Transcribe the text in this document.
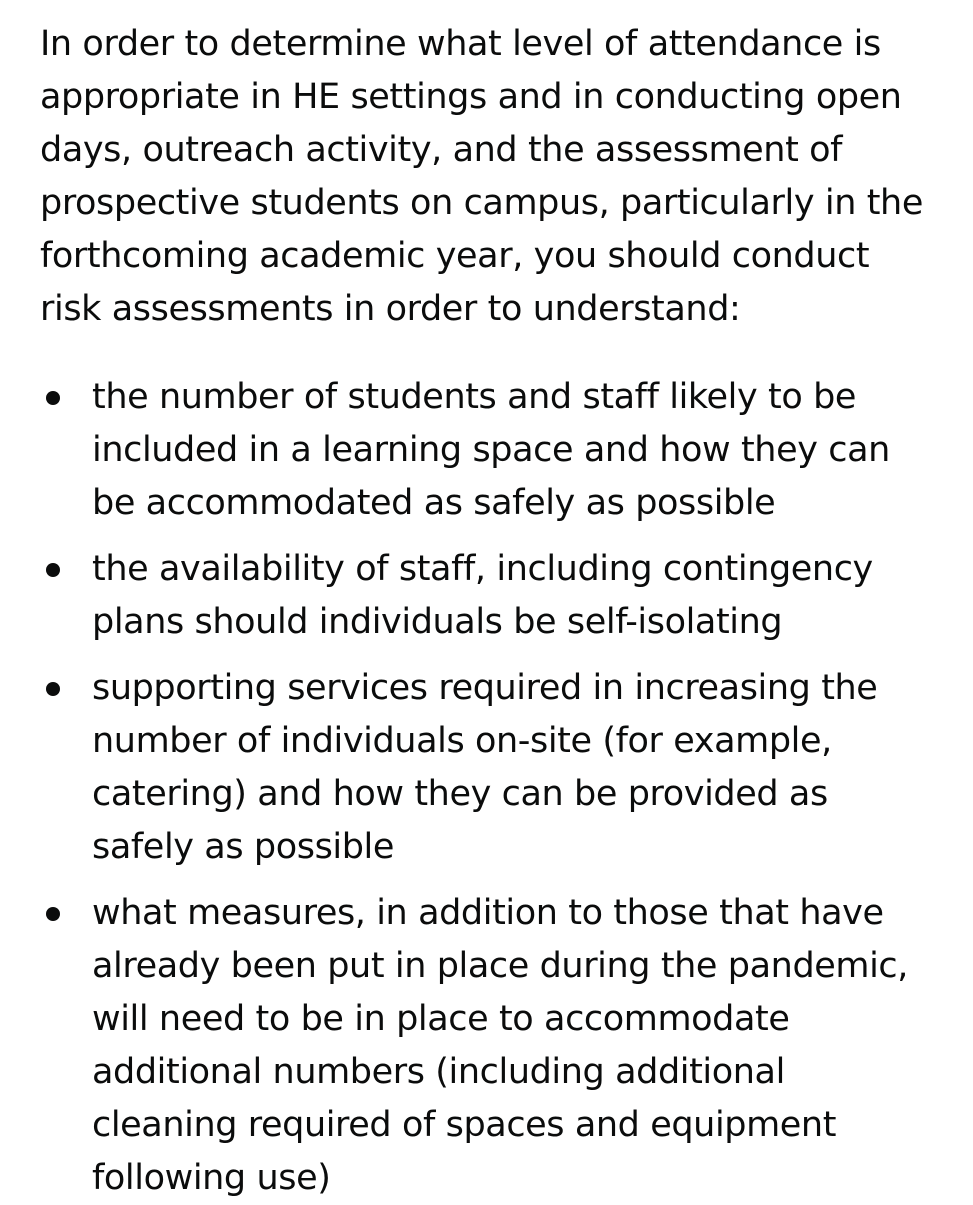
In order to determine what level of attendance is appropriate in HE settings and in conducting open days, outreach activity, and the assessment of prospective students on campus, particularly in the forthcoming academic year, you should conduct risk assessments in order to understand:

the number of students and staff likely to be included in a learning space and how they can be accommodated as safely as possible
the availability of staff, including contingency plans should individuals be self-isolating
supporting services required in increasing the number of individuals on-site (for example, catering) and how they can be provided as safely as possible
what measures, in addition to those that have already been put in place during the pandemic, will need to be in place to accommodate additional numbers (including additional cleaning required of spaces and equipment following use)
